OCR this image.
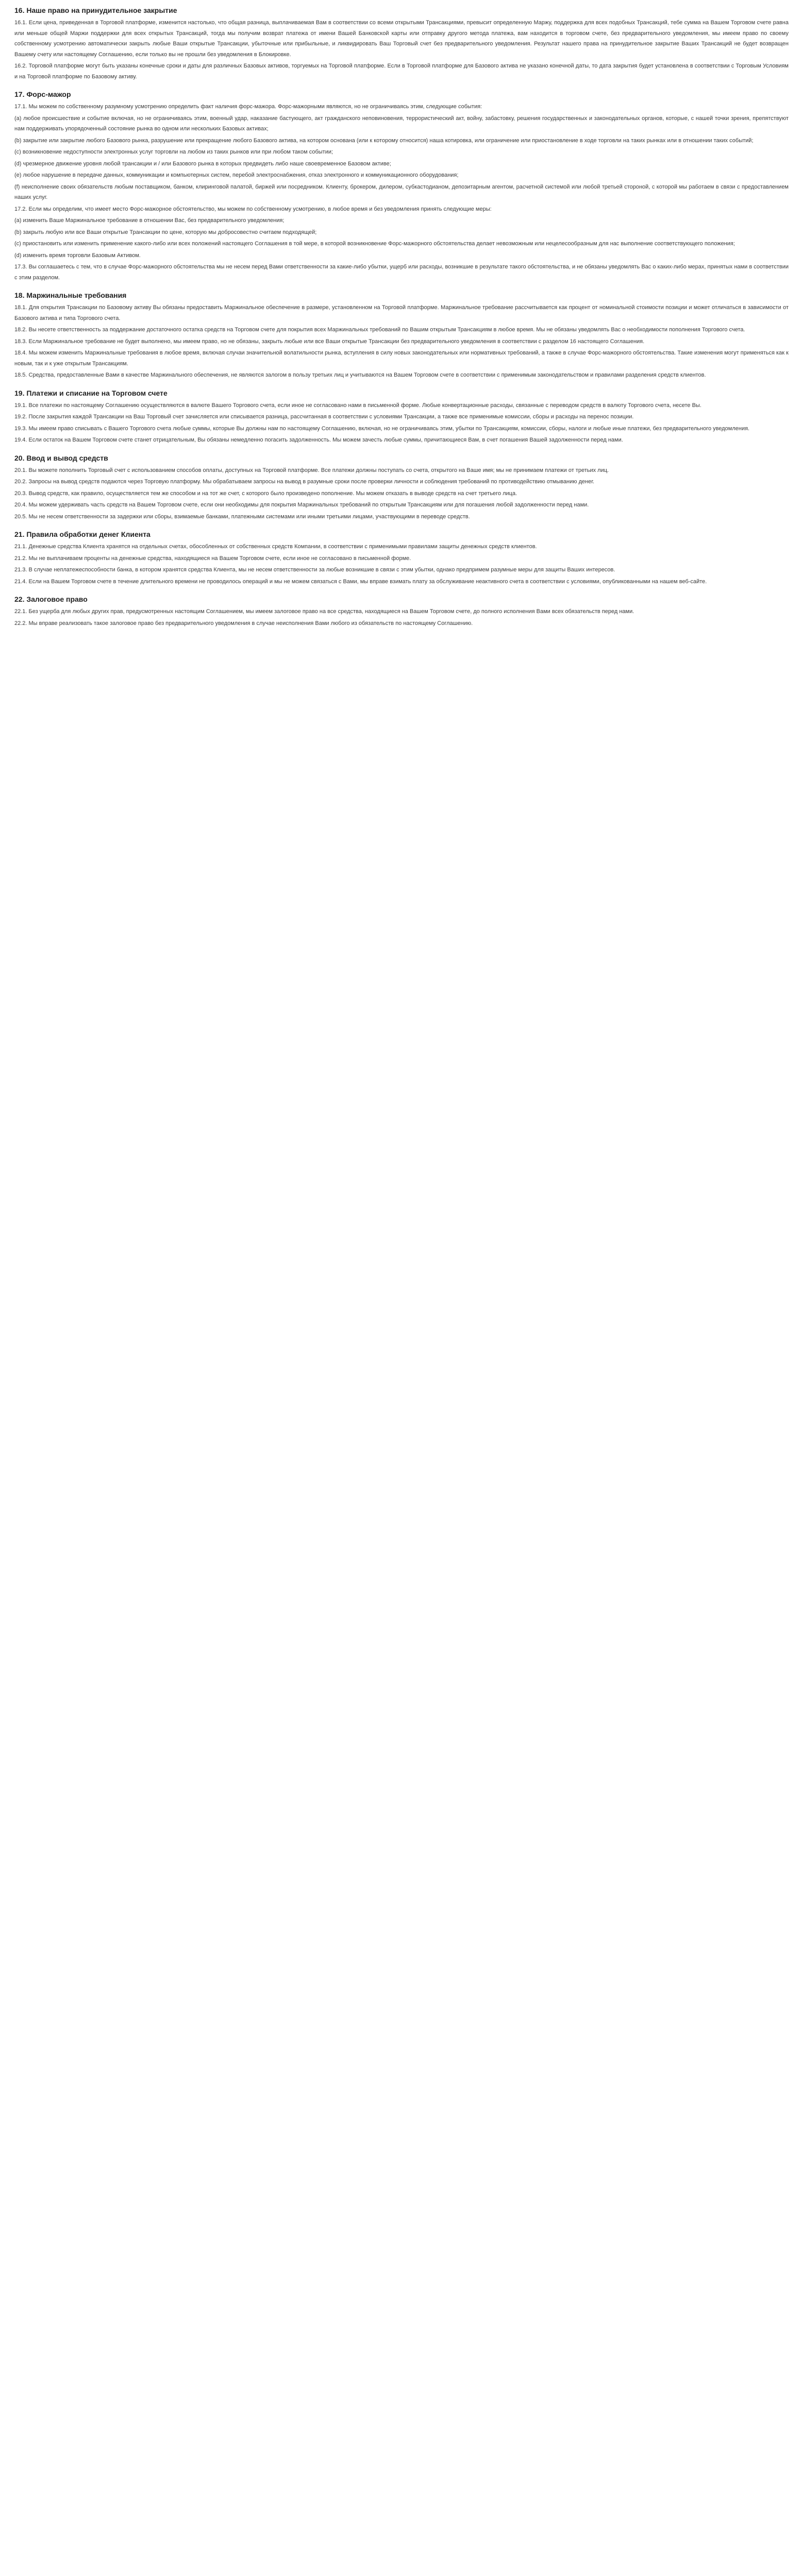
16. Наше право на принудительное закрытие

16.1. Если цена, приведенная в Торговой платформе, изменится настолько, что общая разница, выплачиваемая Вам в соответствии со всеми открытыми Трансакциями, превысит определенную Маржу, поддержка для всех подобных Трансакций, тебе сумма на Вашем Торговом счете равна или меньше общей Маржи поддержки для всех открытых Трансакций, тогда мы получим возврат платежа от имени Вашей Банковской карты или отправку другого метода платежа, вам находится в торговом счете, без предварительного уведомления, мы имеем право по своему собственному усмотрению автоматически закрыть любые Ваши открытые Трансакции, убыточные или прибыльные, и ликвидировать Ваш Торговый счет без предварительного уведомления. Результат нашего права на принудительное закрытие Ваших Трансакций не будет возвращен Вашему счету или настоящему Соглашению, если только вы не прошли без уведомления в Блокировке.

16.2. Торговой платформе могут быть указаны конечные сроки и даты для различных Базовых активов, торгуемых на Торговой платформе. Если в Торговой платформе для Базового актива не указано конечной даты, то дата закрытия будет установлена в соответствии с Торговым Условиям и на Торговой платформе по Базовому активу.

17. Форс-мажор

17.1. Мы можем по собственному разумному усмотрению определить факт наличия форс-мажора. Форс-мажорными являются, но не ограничиваясь этим, следующие события:

(a) любое происшествие и событие включая, но не ограничиваясь этим, военный удар, наказание бастующего, акт гражданского неповиновения, террористический акт, войну, забастовку, решения государственных и законодательных органов, которые, с нашей точки зрения, препятствуют нам поддерживать упорядоченный состояние рынка во одном или нескольких Базовых активах;

(b) закрытие или закрытие любого Базового рынка, разрушение или прекращение любого Базового актива, на котором основана (или к которому относится) наша котировка, или ограничение или приостановление в ходе торговли на таких рынках или в отношении таких событий;

(c) возникновение недоступности электронных услуг торговли на любом из таких рынков или при любом таком событии;

(d) чрезмерное движение уровня любой трансакции и / или Базового рынка в которых предвидеть либо наше своевременное Базовом активе;

(e) любое нарушение в передаче данных, коммуникации и компьютерных систем, перебой электроснабжения, отказ электронного и коммуникационного оборудования;

(f) неисполнение своих обязательств любым поставщиком, банком, клиринговой палатой, биржей или посредником. Клиенту, брокером, дилером, субкастодианом, депозитарным агентом, расчетной системой или любой третьей стороной, с которой мы работаем в связи с предоставлением наших услуг.

17.2. Если мы определим, что имеет место Форс-мажорное обстоятельство, мы можем по собственному усмотрению, в любое время и без уведомления принять следующие меры:

(a) изменить Ваше Маржинальное требование в отношении Вас, без предварительного уведомления;

(b) закрыть любую или все Ваши открытые Трансакции по цене, которую мы добросовестно считаем подходящей;

(c) приостановить или изменить применение какого-либо или всех положений настоящего Соглашения в той мере, в которой возникновение Форс-мажорного обстоятельства делает невозможным или нецелесообразным для нас выполнение соответствующего положения;

(d) изменить время торговли Базовым Активом.

17.3. Вы соглашаетесь с тем, что в случае Форс-мажорного обстоятельства мы не несем перед Вами ответственности за какие-либо убытки, ущерб или расходы, возникшие в результате такого обстоятельства, и не обязаны уведомлять Вас о каких-либо мерах, принятых нами в соответствии с этим разделом.

18. Маржинальные требования

18.1. Для открытия Трансакции по Базовому активу Вы обязаны предоставить Маржинальное обеспечение в размере, установленном на Торговой платформе. Маржинальное требование рассчитывается как процент от номинальной стоимости позиции и может отличаться в зависимости от Базового актива и типа Торгового счета.

18.2. Вы несете ответственность за поддержание достаточного остатка средств на Торговом счете для покрытия всех Маржинальных требований по Вашим открытым Трансакциям в любое время. Мы не обязаны уведомлять Вас о необходимости пополнения Торгового счета.

18.3. Если Маржинальное требование не будет выполнено, мы имеем право, но не обязаны, закрыть любые или все Ваши открытые Трансакции без предварительного уведомления в соответствии с разделом 16 настоящего Соглашения.

18.4. Мы можем изменить Маржинальные требования в любое время, включая случаи значительной волатильности рынка, вступления в силу новых законодательных или нормативных требований, а также в случае Форс-мажорного обстоятельства. Такие изменения могут применяться как к новым, так и к уже открытым Трансакциям.

18.5. Средства, предоставленные Вами в качестве Маржинального обеспечения, не являются залогом в пользу третьих лиц и учитываются на Вашем Торговом счете в соответствии с применимым законодательством и правилами разделения средств клиентов.

19. Платежи и списание на Торговом счете

19.1. Все платежи по настоящему Соглашению осуществляются в валюте Вашего Торгового счета, если иное не согласовано нами в письменной форме. Любые конвертационные расходы, связанные с переводом средств в валюту Торгового счета, несете Вы.

19.2. После закрытия каждой Трансакции на Ваш Торговый счет зачисляется или списывается разница, рассчитанная в соответствии с условиями Трансакции, а также все применимые комиссии, сборы и расходы на перенос позиции.

19.3. Мы имеем право списывать с Вашего Торгового счета любые суммы, которые Вы должны нам по настоящему Соглашению, включая, но не ограничиваясь этим, убытки по Трансакциям, комиссии, сборы, налоги и любые иные платежи, без предварительного уведомления.

19.4. Если остаток на Вашем Торговом счете станет отрицательным, Вы обязаны немедленно погасить задолженность. Мы можем зачесть любые суммы, причитающиеся Вам, в счет погашения Вашей задолженности перед нами.

20. Ввод и вывод средств

20.1. Вы можете пополнить Торговый счет с использованием способов оплаты, доступных на Торговой платформе. Все платежи должны поступать со счета, открытого на Ваше имя; мы не принимаем платежи от третьих лиц.

20.2. Запросы на вывод средств подаются через Торговую платформу. Мы обрабатываем запросы на вывод в разумные сроки после проверки личности и соблюдения требований по противодействию отмыванию денег.

20.3. Вывод средств, как правило, осуществляется тем же способом и на тот же счет, с которого было произведено пополнение. Мы можем отказать в выводе средств на счет третьего лица.

20.4. Мы можем удерживать часть средств на Вашем Торговом счете, если они необходимы для покрытия Маржинальных требований по открытым Трансакциям или для погашения любой задолженности перед нами.

20.5. Мы не несем ответственности за задержки или сборы, взимаемые банками, платежными системами или иными третьими лицами, участвующими в переводе средств.

21. Правила обработки денег Клиента

21.1. Денежные средства Клиента хранятся на отдельных счетах, обособленных от собственных средств Компании, в соответствии с применимыми правилами защиты денежных средств клиентов.

21.2. Мы не выплачиваем проценты на денежные средства, находящиеся на Вашем Торговом счете, если иное не согласовано в письменной форме.

21.3. В случае неплатежеспособности банка, в котором хранятся средства Клиента, мы не несем ответственности за любые возникшие в связи с этим убытки, однако предпримем разумные меры для защиты Ваших интересов.

21.4. Если на Вашем Торговом счете в течение длительного времени не проводилось операций и мы не можем связаться с Вами, мы вправе взимать плату за обслуживание неактивного счета в соответствии с условиями, опубликованными на нашем веб-сайте.

22. Залоговое право

22.1. Без ущерба для любых других прав, предусмотренных настоящим Соглашением, мы имеем залоговое право на все средства, находящиеся на Вашем Торговом счете, до полного исполнения Вами всех обязательств перед нами.

22.2. Мы вправе реализовать такое залоговое право без предварительного уведомления в случае неисполнения Вами любого из обязательств по настоящему Соглашению.
